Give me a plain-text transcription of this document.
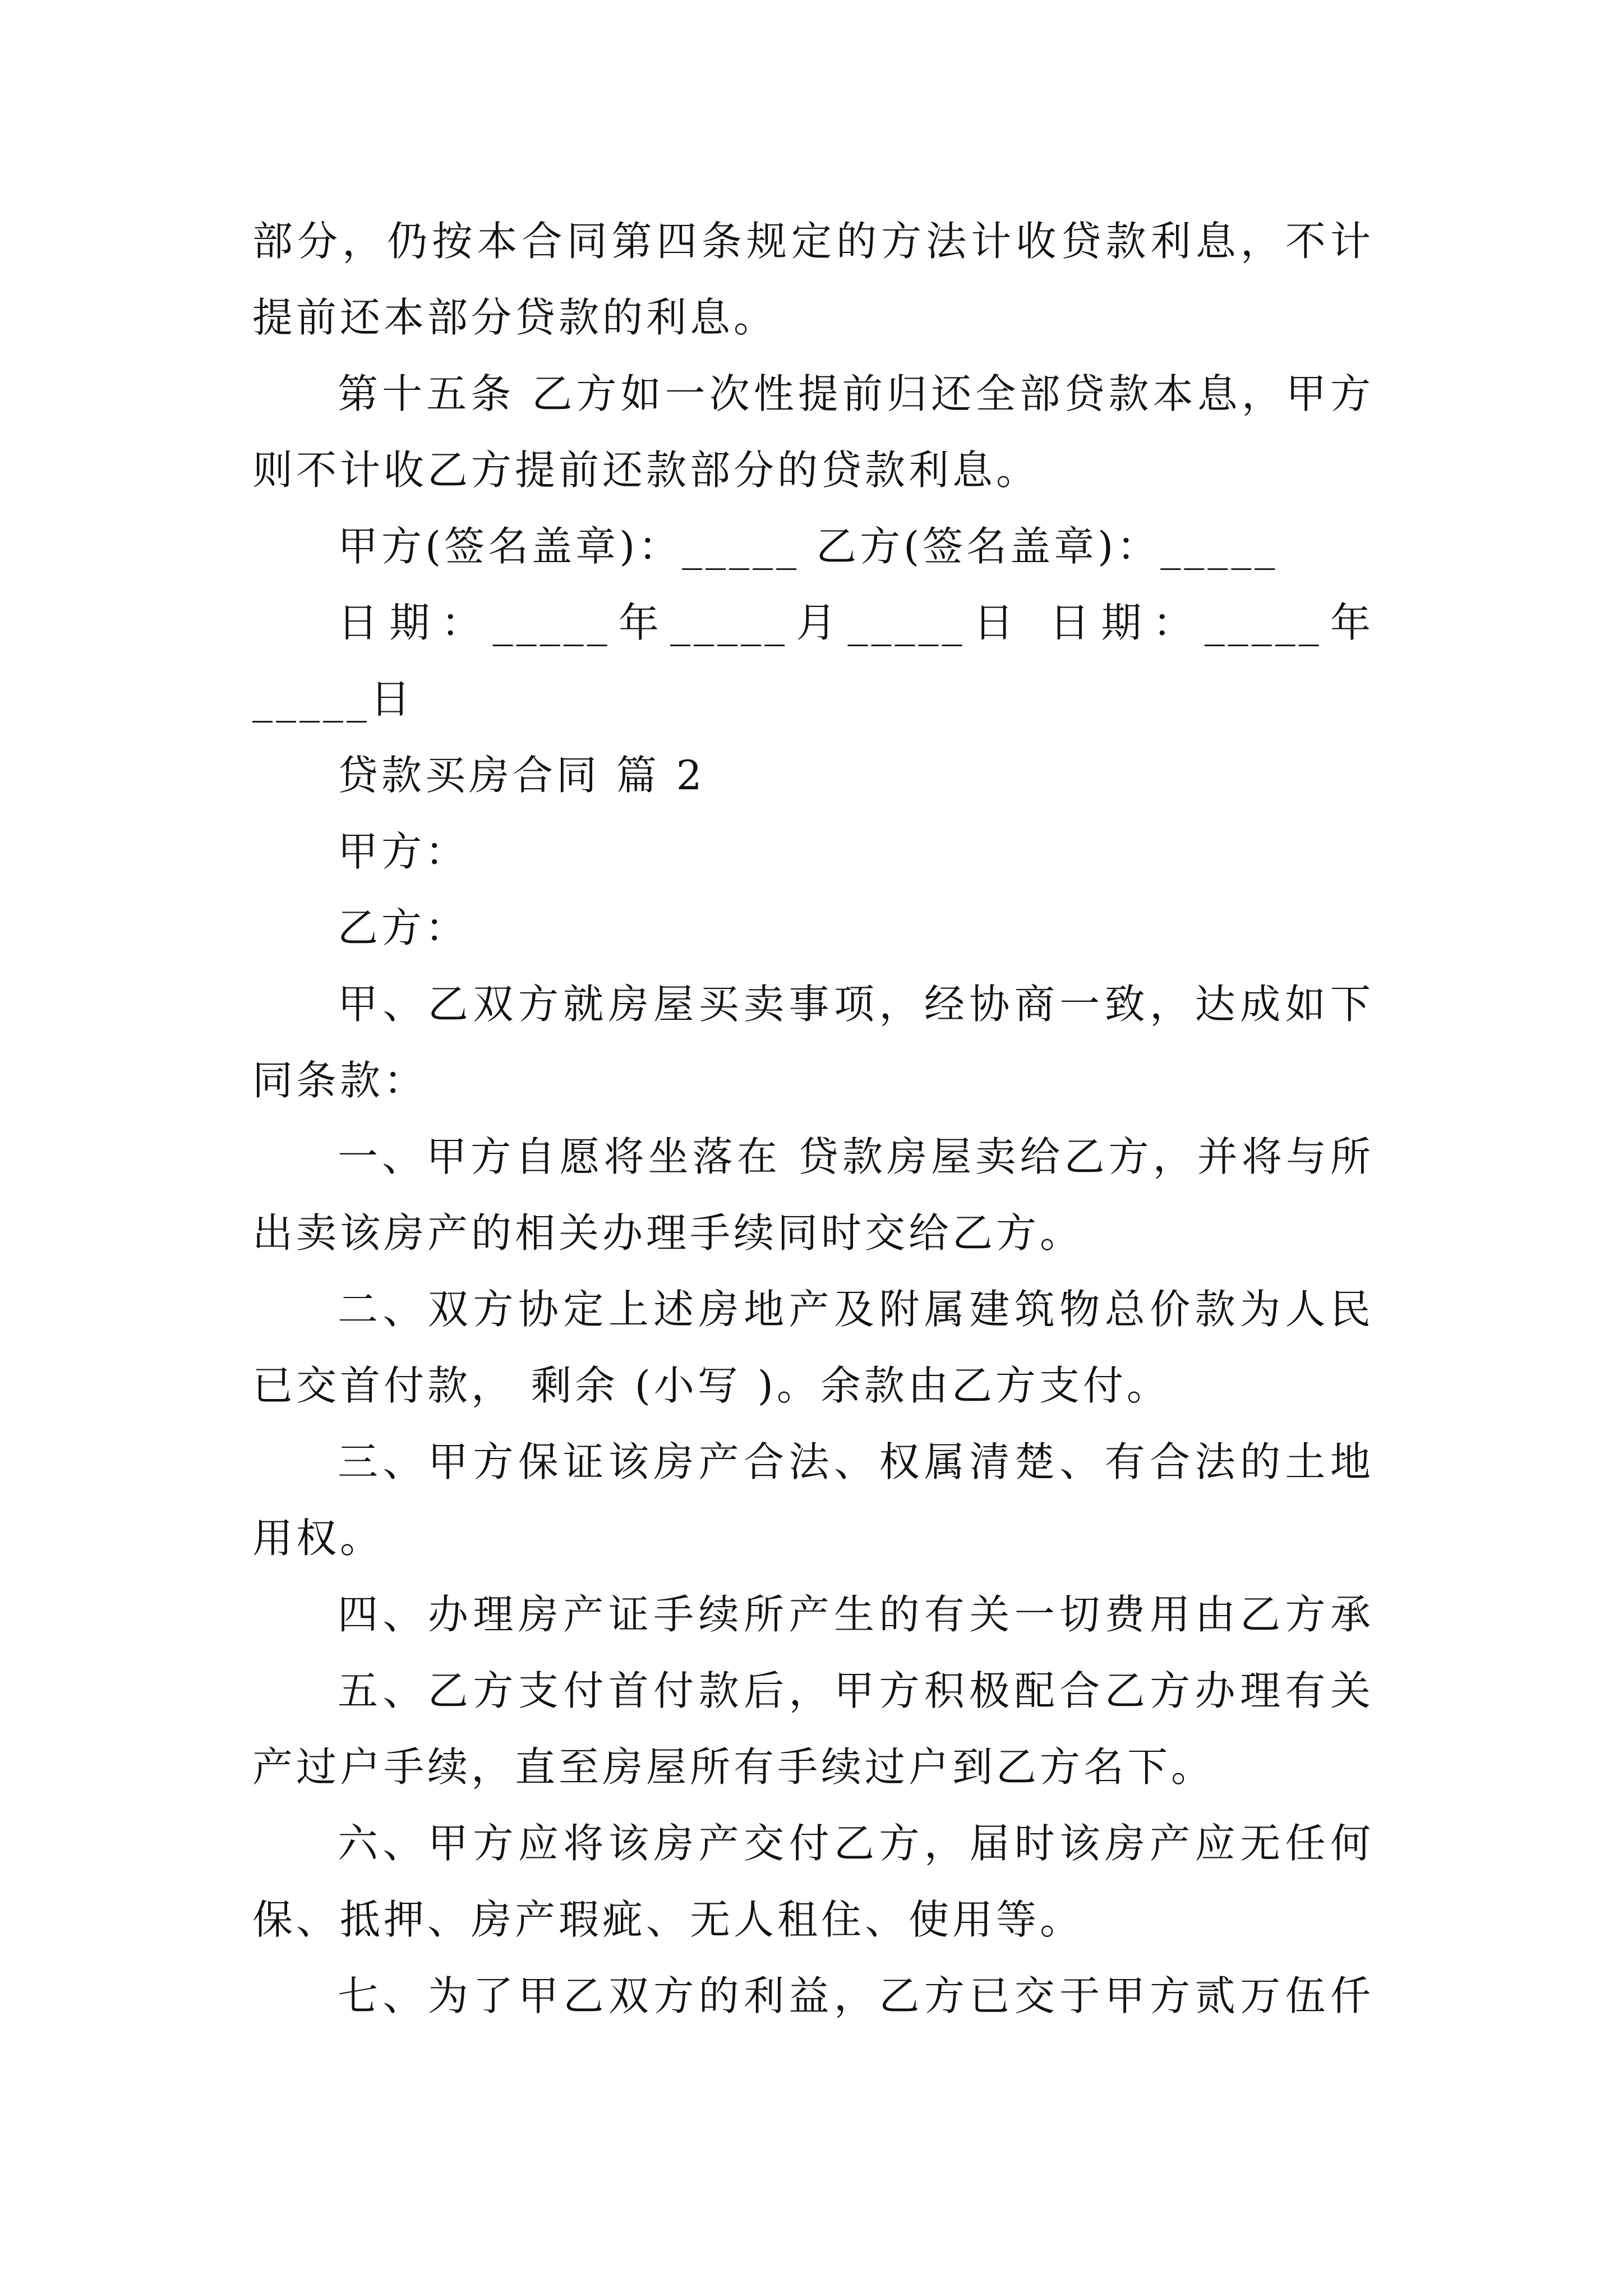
部分，仍按本合同第四条规定的方法计收贷款利息，不计
提前还本部分贷款的利息。
第十五条 乙方如一次性提前归还全部贷款本息，甲方
则不计收乙方提前还款部分的贷款利息。
甲方(签名盖章)：_____ 乙方(签名盖章)：_____
日期：_____年_____月_____日 日期：_____年
_____日
贷款买房合同 篇 2
甲方：
乙方：
甲、乙双方就房屋买卖事项，经协商一致，达成如下
同条款：
一、甲方自愿将坐落在 贷款房屋卖给乙方，并将与所
出卖该房产的相关办理手续同时交给乙方。
二、双方协定上述房地产及附属建筑物总价款为人民
已交首付款， 剩余 (小写 )。余款由乙方支付。
三、甲方保证该房产合法、权属清楚、有合法的土地
用权。
四、办理房产证手续所产生的有关一切费用由乙方承
五、乙方支付首付款后，甲方积极配合乙方办理有关
产过户手续，直至房屋所有手续过户到乙方名下。
六、甲方应将该房产交付乙方，届时该房产应无任何
保、抵押、房产瑕疵、无人租住、使用等。
七、为了甲乙双方的利益，乙方已交于甲方贰万伍仟
